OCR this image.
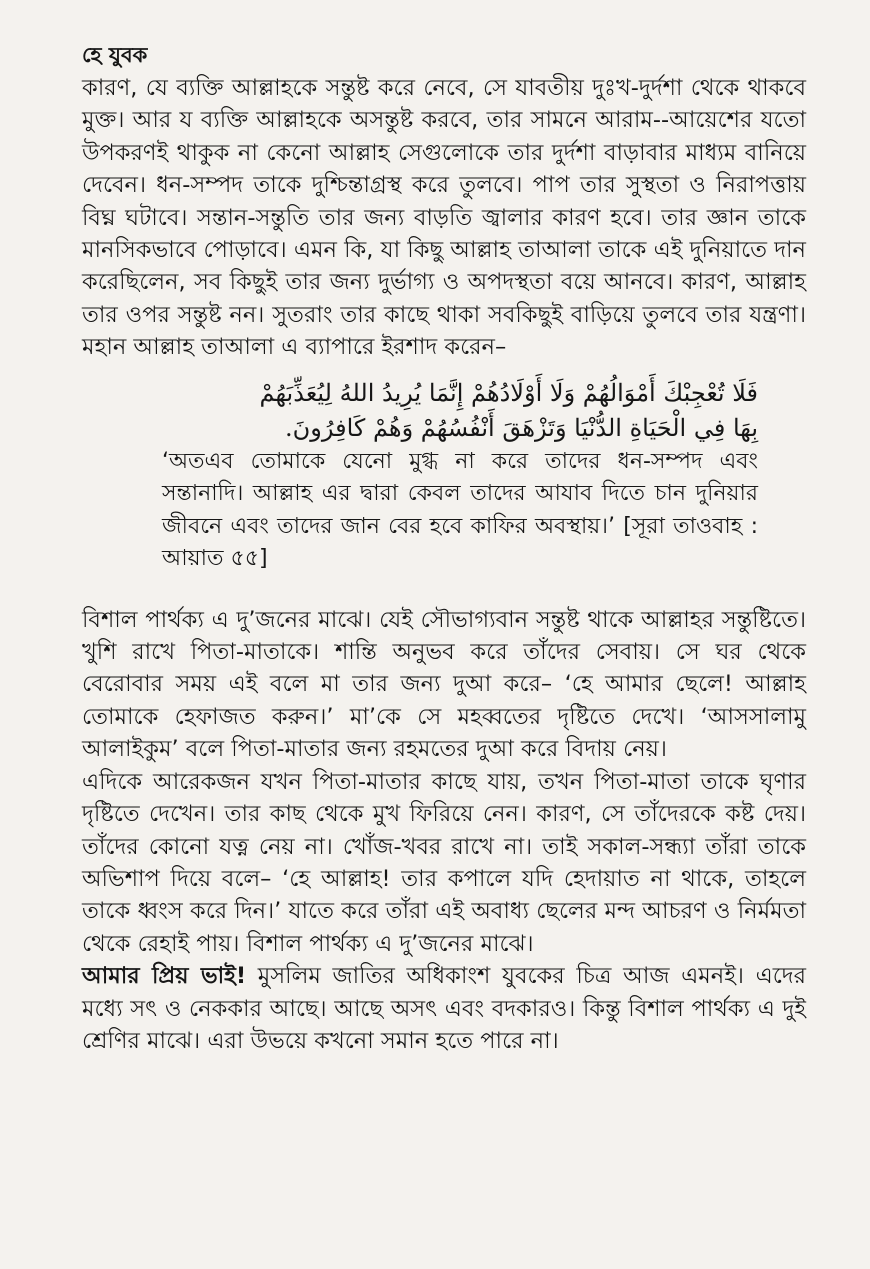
হে যুবক

কারণ, যে ব্যক্তি আল্লাহকে সন্তুষ্ট করে নেবে, সে যাবতীয় দুঃখ-দুর্দশা থেকে থাকবে মুক্ত। আর য ব্যক্তি আল্লাহকে অসন্তুষ্ট করবে, তার সামনে আরাম--আয়েশের যতো উপকরণই থাকুক না কেনো আল্লাহ সেগুলোকে তার দুর্দশা বাড়াবার মাধ্যম বানিয়ে দেবেন। ধন-সম্পদ তাকে দুশ্চিন্তাগ্রস্থ করে তুলবে। পাপ তার সুস্থতা ও নিরাপত্তায় বিঘ্ন ঘটাবে। সন্তান-সন্তুতি তার জন্য বাড়তি জ্বালার কারণ হবে। তার জ্ঞান তাকে মানসিকভাবে পোড়াবে। এমন কি, যা কিছু আল্লাহ তাআলা তাকে এই দুনিয়াতে দান করেছিলেন, সব কিছুই তার জন্য দুর্ভাগ্য ও অপদস্থতা বয়ে আনবে। কারণ, আল্লাহ তার ওপর সন্তুষ্ট নন। সুতরাং তার কাছে থাকা সবকিছুই বাড়িয়ে তুলবে তার যন্ত্রণা। মহান আল্লাহ তাআলা এ ব্যাপারে ইরশাদ করেন–

فَلَا تُعْجِبْكَ أَمْوَالُهُمْ وَلَا أَوْلَادُهُمْ إِنَّمَا يُرِيدُ اللهُ لِيُعَذِّبَهُمْ
بِهَا فِي الْحَيَاةِ الدُّنْيَا وَتَزْهَقَ أَنْفُسُهُمْ وَهُمْ كَافِرُونَ.

‘অতএব তোমাকে যেনো মুগ্ধ না করে তাদের ধন-সম্পদ এবং সন্তানাদি। আল্লাহ এর দ্বারা কেবল তাদের আযাব দিতে চান দুনিয়ার জীবনে এবং তাদের জান বের হবে কাফির অবস্থায়।’ [সূরা তাওবাহ : আয়াত ৫৫]

বিশাল পার্থক্য এ দু’জনের মাঝে। যেই সৌভাগ্যবান সন্তুষ্ট থাকে আল্লাহর সন্তুষ্টিতে। খুশি রাখে পিতা-মাতাকে। শান্তি অনুভব করে তাঁদের সেবায়। সে ঘর থেকে বেরোবার সময় এই বলে মা তার জন্য দুআ করে– ‘হে আমার ছেলে! আল্লাহ তোমাকে হেফাজত করুন।’ মা’কে সে মহব্বতের দৃষ্টিতে দেখে। ‘আসসালামু আলাইকুম’ বলে পিতা-মাতার জন্য রহমতের দুআ করে বিদায় নেয়।

এদিকে আরেকজন যখন পিতা-মাতার কাছে যায়, তখন পিতা-মাতা তাকে ঘৃণার দৃষ্টিতে দেখেন। তার কাছ থেকে মুখ ফিরিয়ে নেন। কারণ, সে তাঁদেরকে কষ্ট দেয়। তাঁদের কোনো যত্ন নেয় না। খোঁজ-খবর রাখে না। তাই সকাল-সন্ধ্যা তাঁরা তাকে অভিশাপ দিয়ে বলে– ‘হে আল্লাহ! তার কপালে যদি হেদায়াত না থাকে, তাহলে তাকে ধ্বংস করে দিন।’ যাতে করে তাঁরা এই অবাধ্য ছেলের মন্দ আচরণ ও নির্মমতা থেকে রেহাই পায়। বিশাল পার্থক্য এ দু’জনের মাঝে।

আমার প্রিয় ভাই! মুসলিম জাতির অধিকাংশ যুবকের চিত্র আজ এমনই। এদের মধ্যে সৎ ও নেককার আছে। আছে অসৎ এবং বদকারও। কিন্তু বিশাল পার্থক্য এ দুই শ্রেণির মাঝে। এরা উভয়ে কখনো সমান হতে পারে না।
